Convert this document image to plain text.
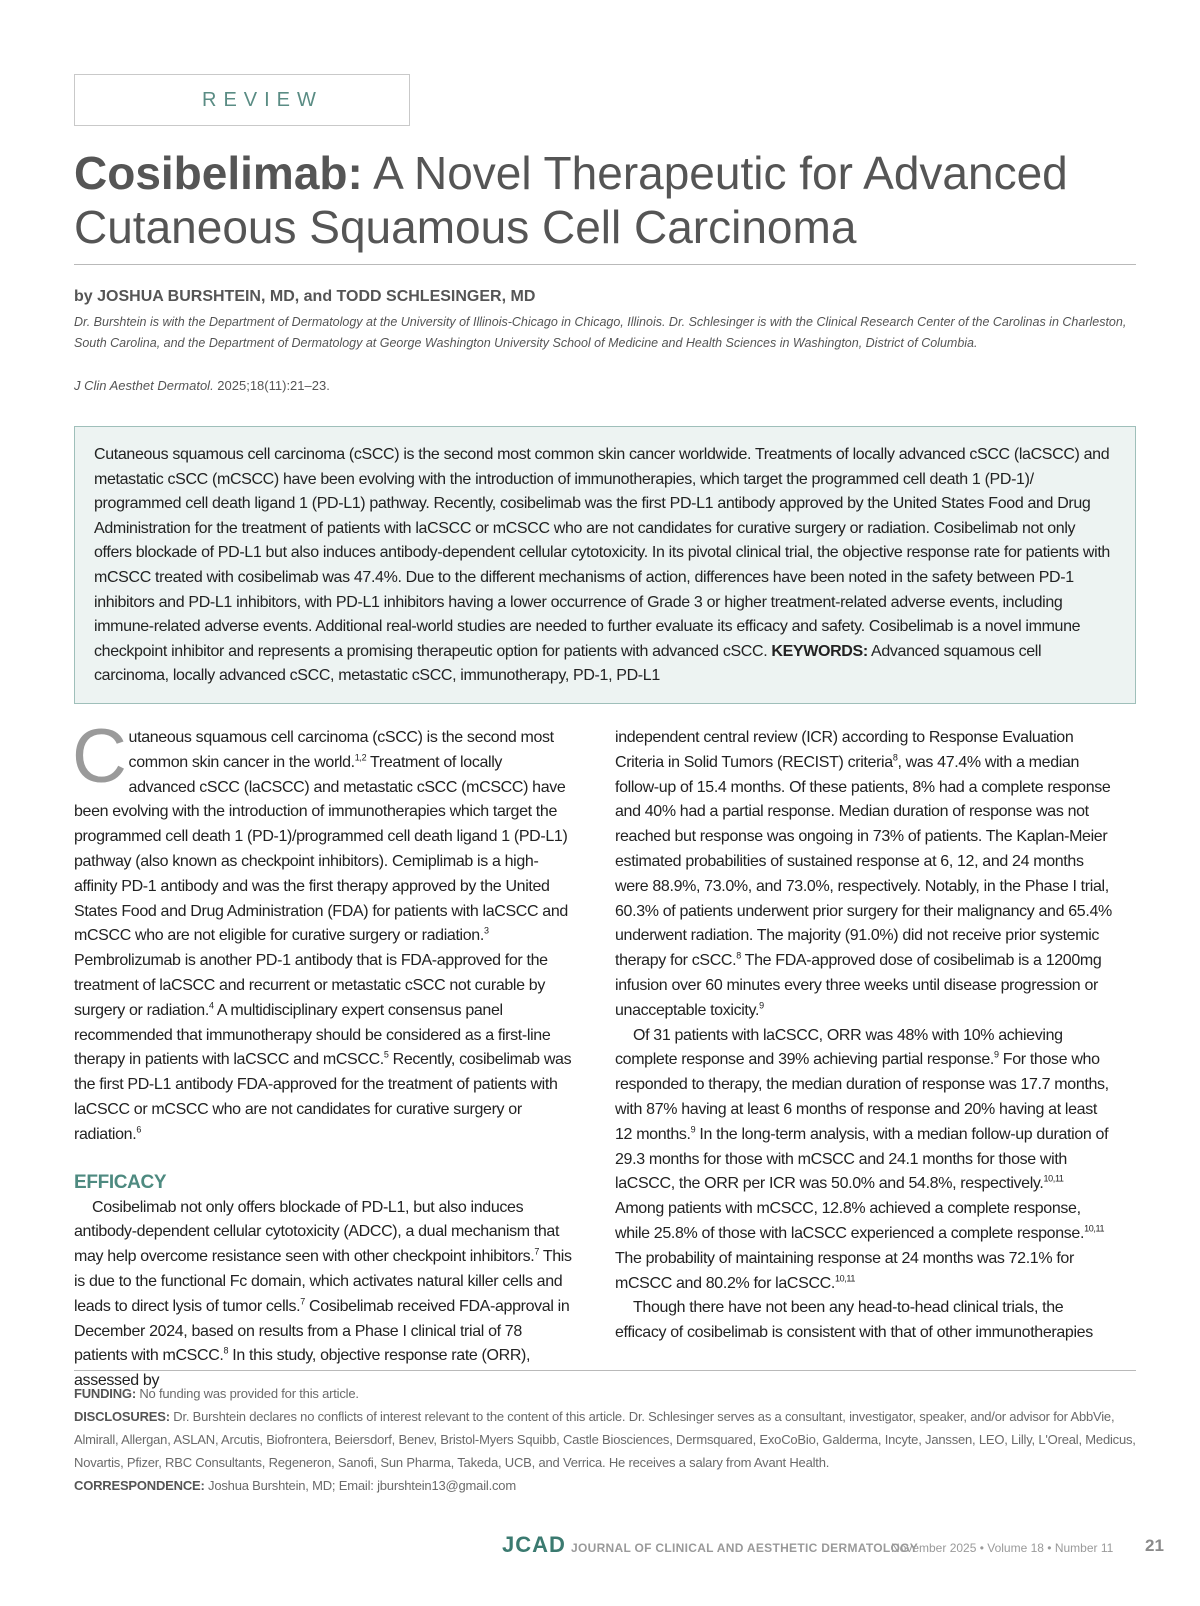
REVIEW
Cosibelimab: A Novel Therapeutic for Advanced Cutaneous Squamous Cell Carcinoma
by JOSHUA BURSHTEIN, MD, and TODD SCHLESINGER, MD
Dr. Burshtein is with the Department of Dermatology at the University of Illinois-Chicago in Chicago, Illinois. Dr. Schlesinger is with the Clinical Research Center of the Carolinas in Charleston, South Carolina, and the Department of Dermatology at George Washington University School of Medicine and Health Sciences in Washington, District of Columbia.
J Clin Aesthet Dermatol. 2025;18(11):21–23.
Cutaneous squamous cell carcinoma (cSCC) is the second most common skin cancer worldwide. Treatments of locally advanced cSCC (laCSCC) and metastatic cSCC (mCSCC) have been evolving with the introduction of immunotherapies, which target the programmed cell death 1 (PD-1)/ programmed cell death ligand 1 (PD-L1) pathway. Recently, cosibelimab was the first PD-L1 antibody approved by the United States Food and Drug Administration for the treatment of patients with laCSCC or mCSCC who are not candidates for curative surgery or radiation. Cosibelimab not only offers blockade of PD-L1 but also induces antibody-dependent cellular cytotoxicity. In its pivotal clinical trial, the objective response rate for patients with mCSCC treated with cosibelimab was 47.4%. Due to the different mechanisms of action, differences have been noted in the safety between PD-1 inhibitors and PD-L1 inhibitors, with PD-L1 inhibitors having a lower occurrence of Grade 3 or higher treatment-related adverse events, including immune-related adverse events. Additional real-world studies are needed to further evaluate its efficacy and safety. Cosibelimab is a novel immune checkpoint inhibitor and represents a promising therapeutic option for patients with advanced cSCC. KEYWORDS: Advanced squamous cell carcinoma, locally advanced cSCC, metastatic cSCC, immunotherapy, PD-1, PD-L1

Cutaneous squamous cell carcinoma (cSCC) is the second most common skin cancer in the world.$^{1,2}$ Treatment of locally advanced cSCC (laCSCC) and metastatic cSCC (mCSCC) have been evolving with the introduction of immunotherapies which target the programmed cell death 1 (PD-1)/programmed cell death ligand 1 (PD-L1) pathway (also known as checkpoint inhibitors). Cemiplimab is a high-affinity PD-1 antibody and was the first therapy approved by the United States Food and Drug Administration (FDA) for patients with laCSCC and mCSCC who are not eligible for curative surgery or radiation.$^3$ Pembrolizumab is another PD-1 antibody that is FDA-approved for the treatment of laCSCC and recurrent or metastatic cSCC not curable by surgery or radiation.$^4$ A multidisciplinary expert consensus panel recommended that immunotherapy should be considered as a first-line therapy in patients with laCSCC and mCSCC.$^5$ Recently, cosibelimab was the first PD-L1 antibody FDA-approved for the treatment of patients with laCSCC or mCSCC who are not candidates for curative surgery or radiation.$^6$

EFFICACY

Cosibelimab not only offers blockade of PD-L1, but also induces antibody-dependent cellular cytotoxicity (ADCC), a dual mechanism that may help overcome resistance seen with other checkpoint inhibitors.$^7$ This is due to the functional Fc domain, which activates natural killer cells and leads to direct lysis of tumor cells.$^7$ Cosibelimab received FDA-approval in December 2024, based on results from a Phase I clinical trial of 78 patients with mCSCC.$^8$ In this study, objective response rate (ORR), assessed by

independent central review (ICR) according to Response Evaluation Criteria in Solid Tumors (RECIST) criteria$^8$, was 47.4% with a median follow-up of 15.4 months. Of these patients, 8% had a complete response and 40% had a partial response. Median duration of response was not reached but response was ongoing in 73% of patients. The Kaplan-Meier estimated probabilities of sustained response at 6, 12, and 24 months were 88.9%, 73.0%, and 73.0%, respectively. Notably, in the Phase I trial, 60.3% of patients underwent prior surgery for their malignancy and 65.4% underwent radiation. The majority (91.0%) did not receive prior systemic therapy for cSCC.$^8$ The FDA-approved dose of cosibelimab is a 1200mg infusion over 60 minutes every three weeks until disease progression or unacceptable toxicity.$^9$

Of 31 patients with laCSCC, ORR was 48% with 10% achieving complete response and 39% achieving partial response.$^9$ For those who responded to therapy, the median duration of response was 17.7 months, with 87% having at least 6 months of response and 20% having at least 12 months.$^9$ In the long-term analysis, with a median follow-up duration of 29.3 months for those with mCSCC and 24.1 months for those with laCSCC, the ORR per ICR was 50.0% and 54.8%, respectively.$^{10,11}$ Among patients with mCSCC, 12.8% achieved a complete response, while 25.8% of those with laCSCC experienced a complete response.$^{10,11}$ The probability of maintaining response at 24 months was 72.1% for mCSCC and 80.2% for laCSCC.$^{10,11}$

Though there have not been any head-to-head clinical trials, the efficacy of cosibelimab is consistent with that of other immunotherapies

FUNDING: No funding was provided for this article.

DISCLOSURES: Dr. Burshtein declares no conflicts of interest relevant to the content of this article. Dr. Schlesinger serves as a consultant, investigator, speaker, and/or advisor for AbbVie, Almirall, Allergan, ASLAN, Arcutis, Biofrontera, Beiersdorf, Benev, Bristol-Myers Squibb, Castle Biosciences, Dermsquared, ExoCoBio, Galderma, Incyte, Janssen, LEO, Lilly, L'Oreal, Medicus, Novartis, Pfizer, RBC Consultants, Regeneron, Sanofi, Sun Pharma, Takeda, UCB, and Verrica. He receives a salary from Avant Health.

CORRESPONDENCE: Joshua Burshtein, MD; Email: jburshtein13@gmail.com

JCAD JOURNAL OF CLINICAL AND AESTHETIC DERMATOLOGY
November 2025 • Volume 18 • Number 11 21
